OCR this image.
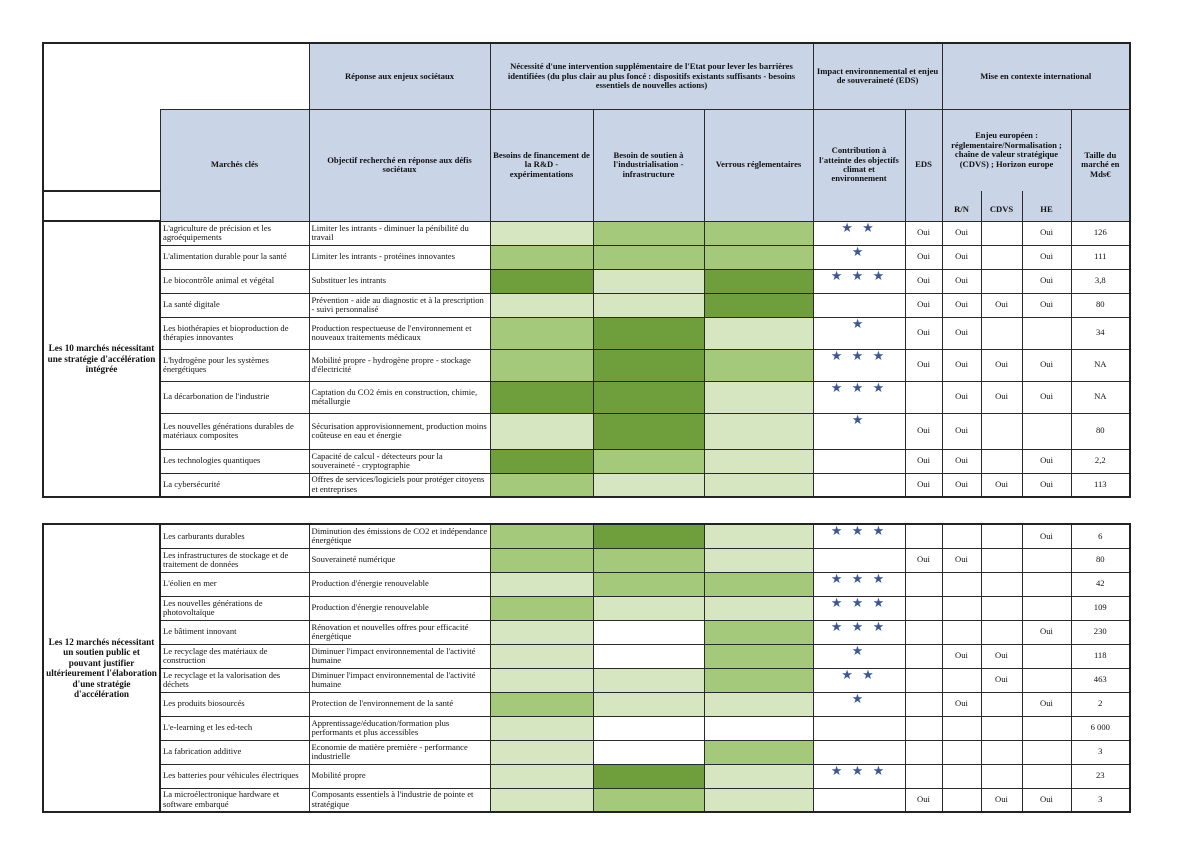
		Réponse aux enjeux sociétaux	Nécessité d'une intervention supplémentaire de l'Etat pour lever les barrières identifiées (du plus clair au plus foncé : dispositifs existants suffisants - besoins essentiels de nouvelles actions)			Impact environnemental et enjeu de souveraineté (EDS)		Mise en contexte international			
	Marchés clés	Objectif recherché en réponse aux défis sociétaux	Besoins de financement de la R&D - expérimentations	Besoin de soutien à l'industrialisation - infrastructure	Verrous réglementaires	Contribution à l'atteinte des objectifs climat et environnement	EDS	Enjeu européen : réglementaire/Normalisation ; chaîne de valeur stratégique (CDVS) ; Horizon europe			Taille du marché en Mds€
								R/N	CDVS	HE	
Les 10 marchés nécessitant une stratégie d'accélération intégrée	L'agriculture de précision et les agroéquipements	Limiter les intrants - diminuer la pénibilité du travail				★ ★	Oui	Oui		Oui	126
	L'alimentation durable pour la santé	Limiter les intrants - protéines innovantes				★	Oui	Oui		Oui	111
	Le biocontrôle animal et végétal	Substituer les intrants				★ ★ ★	Oui	Oui		Oui	3,8
	La santé digitale	Prévention - aide au diagnostic et à la prescription - suivi personnalisé					Oui	Oui	Oui	Oui	80
	Les biothérapies et bioproduction de thérapies innovantes	Production respectueuse de l'environnement et nouveaux traitements médicaux				★	Oui	Oui			34
	L'hydrogène pour les systèmes énergétiques	Mobilité propre - hydrogène propre - stockage d'électricité				★ ★ ★	Oui	Oui	Oui	Oui	NA
	La décarbonation de l'industrie	Captation du CO2 émis en construction, chimie, métallurgie				★ ★ ★		Oui	Oui	Oui	NA
	Les nouvelles générations durables de matériaux composites	Sécurisation approvisionnement, production moins coûteuse en eau et énergie				★	Oui	Oui			80
	Les technologies quantiques	Capacité de calcul - détecteurs pour la souveraineté - cryptographie					Oui	Oui		Oui	2,2
	La cybersécurité	Offres de services/logiciels pour protéger citoyens et entreprises					Oui	Oui	Oui	Oui	113
Les 12 marchés nécessitant un soutien public et pouvant justifier ultérieurement l'élaboration d'une stratégie d'accélération	Les carburants durables	Diminution des émissions de CO2 et indépendance énergétique				★ ★ ★				Oui	6
	Les infrastructures de stockage et de traitement de données	Souveraineté numérique					Oui	Oui			80
	L'éolien en mer	Production d'énergie renouvelable				★ ★ ★					42
	Les nouvelles générations de photovoltaïque	Production d'énergie renouvelable				★ ★ ★					109
	Le bâtiment innovant	Rénovation et nouvelles offres pour efficacité énergétique				★ ★ ★				Oui	230
	Le recyclage des matériaux de construction	Diminuer l'impact environnemental de l'activité humaine				★		Oui	Oui		118
	Le recyclage et la valorisation des déchets	Diminuer l'impact environnemental de l'activité humaine				★ ★			Oui		463
	Les produits biosourcés	Protection de l'environnement de la santé				★		Oui		Oui	2
	L'e-learning et les ed-tech	Apprentissage/éducation/formation plus performants et plus accessibles									6 000
	La fabrication additive	Economie de matière première - performance industrielle									3
	Les batteries pour véhicules électriques	Mobilité propre				★ ★ ★					23
	La microélectronique hardware et software embarqué	Composants essentiels à l'industrie de pointe et stratégique					Oui		Oui	Oui	3
